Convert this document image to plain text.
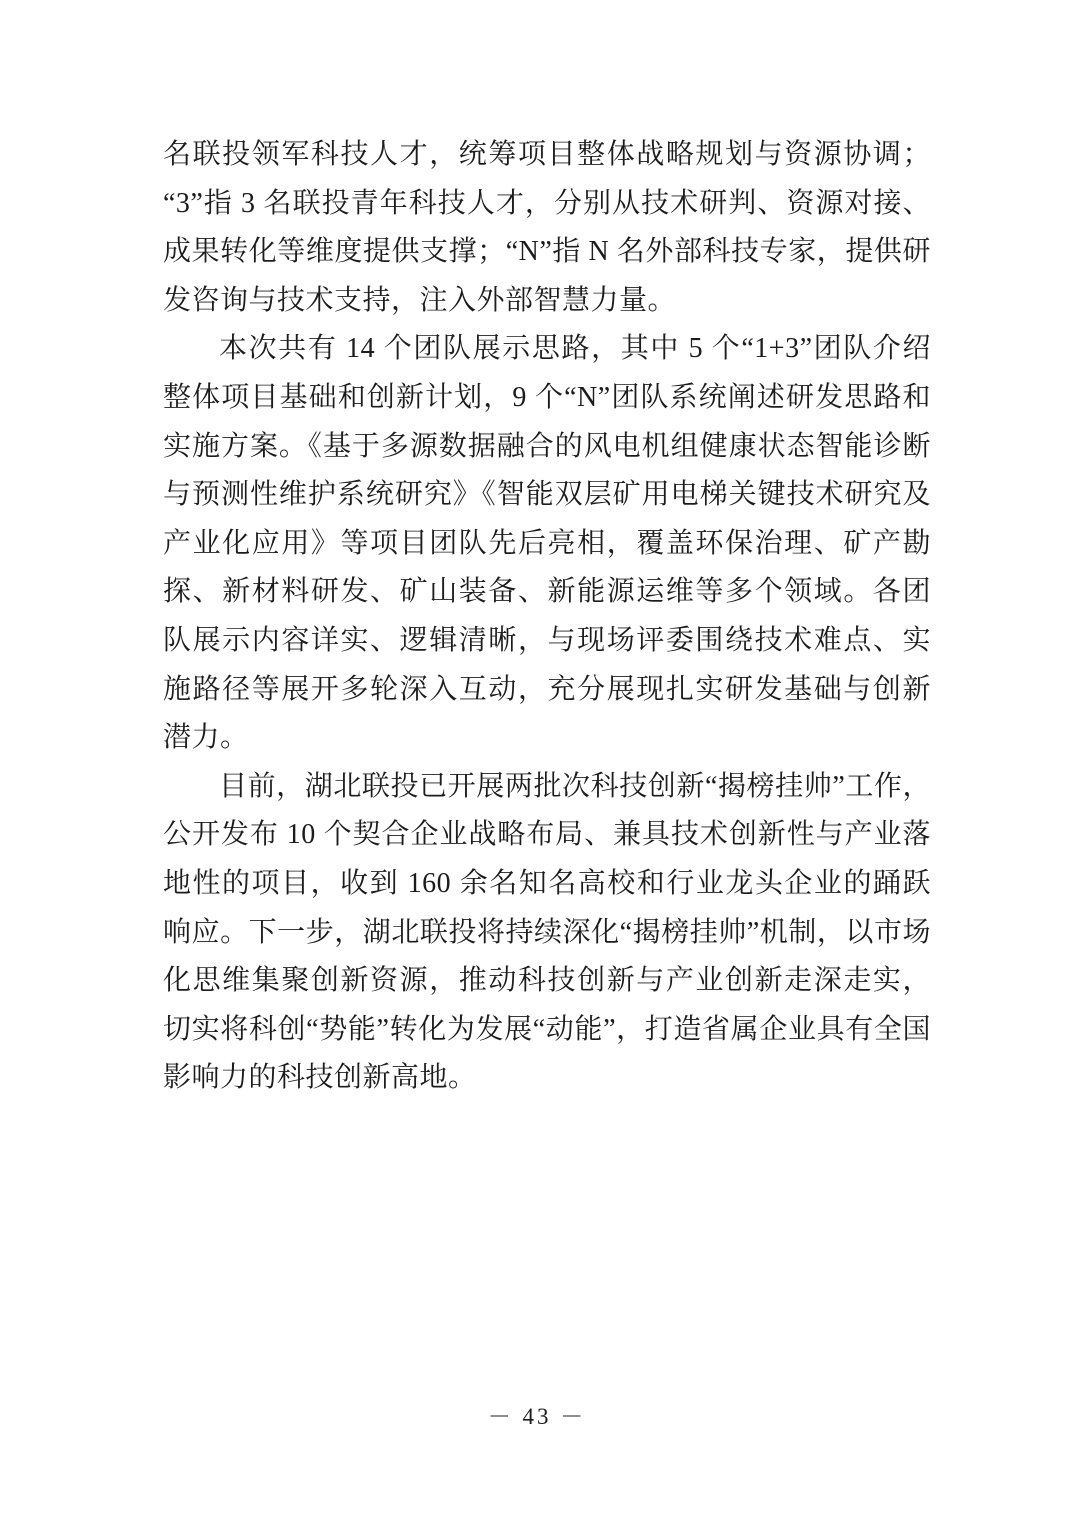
名联投领军科技人才，统筹项目整体战略规划与资源协调；“3”指 3 名联投青年科技人才，分别从技术研判、资源对接、成果转化等维度提供支撑；“N”指 N 名外部科技专家，提供研发咨询与技术支持，注入外部智慧力量。

本次共有 14 个团队展示思路，其中 5 个“1+3”团队介绍整体项目基础和创新计划，9 个“N”团队系统阐述研发思路和实施方案。《基于多源数据融合的风电机组健康状态智能诊断与预测性维护系统研究》《智能双层矿用电梯关键技术研究及产业化应用》等项目团队先后亮相，覆盖环保治理、矿产勘探、新材料研发、矿山装备、新能源运维等多个领域。各团队展示内容详实、逻辑清晰，与现场评委围绕技术难点、实施路径等展开多轮深入互动，充分展现扎实研发基础与创新潜力。

目前，湖北联投已开展两批次科技创新“揭榜挂帅”工作，公开发布 10 个契合企业战略布局、兼具技术创新性与产业落地性的项目，收到 160 余名知名高校和行业龙头企业的踊跃响应。下一步，湖北联投将持续深化“揭榜挂帅”机制，以市场化思维集聚创新资源，推动科技创新与产业创新走深走实，切实将科创“势能”转化为发展“动能”，打造省属企业具有全国影响力的科技创新高地。

－ 43 －
